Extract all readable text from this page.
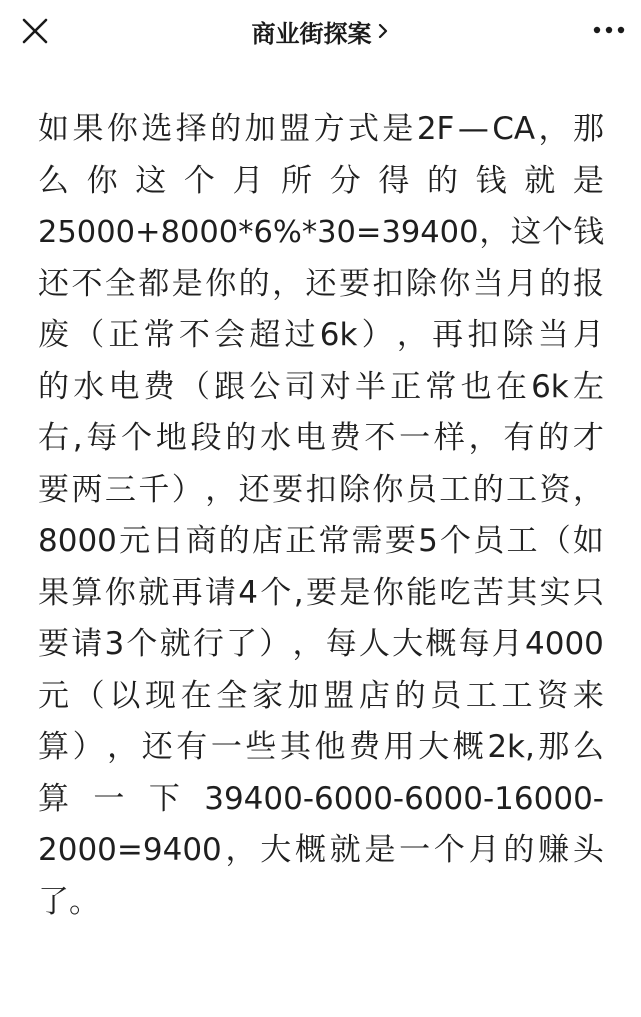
商业街探案
如 果 你 选 择 的 加 盟 方 式 是 2F — CA ， 那
么 你 这 个 月 所 分 得 的 钱 就 是
25000+8000*6%*30=39400 ， 这 个 钱
还 不 全 都 是 你 的 ， 还 要 扣 除 你 当 月 的 报
废 （ 正 常 不 会 超 过 6k ） ， 再 扣 除 当 月
的 水 电 费 （ 跟 公 司 对 半 正 常 也 在 6k 左
右 , 每 个 地 段 的 水 电 费 不 一 样 ， 有 的 才
要 两 三 千 ） ， 还 要 扣 除 你 员 工 的 工 资 ，
8000 元 日 商 的 店 正 常 需 要 5 个 员 工 （ 如
果 算 你 就 再 请 4 个 , 要 是 你 能 吃 苦 其 实 只
要 请 3 个 就 行 了 ） ， 每 人 大 概 每 月 4000
元 （ 以 现 在 全 家 加 盟 店 的 员 工 工 资 来
算 ） ， 还 有 一 些 其 他 费 用 大 概 2k, 那 么
算 一 下 39400-6000-6000-16000-
2000=9400 ， 大 概 就 是 一 个 月 的 赚 头
了。
